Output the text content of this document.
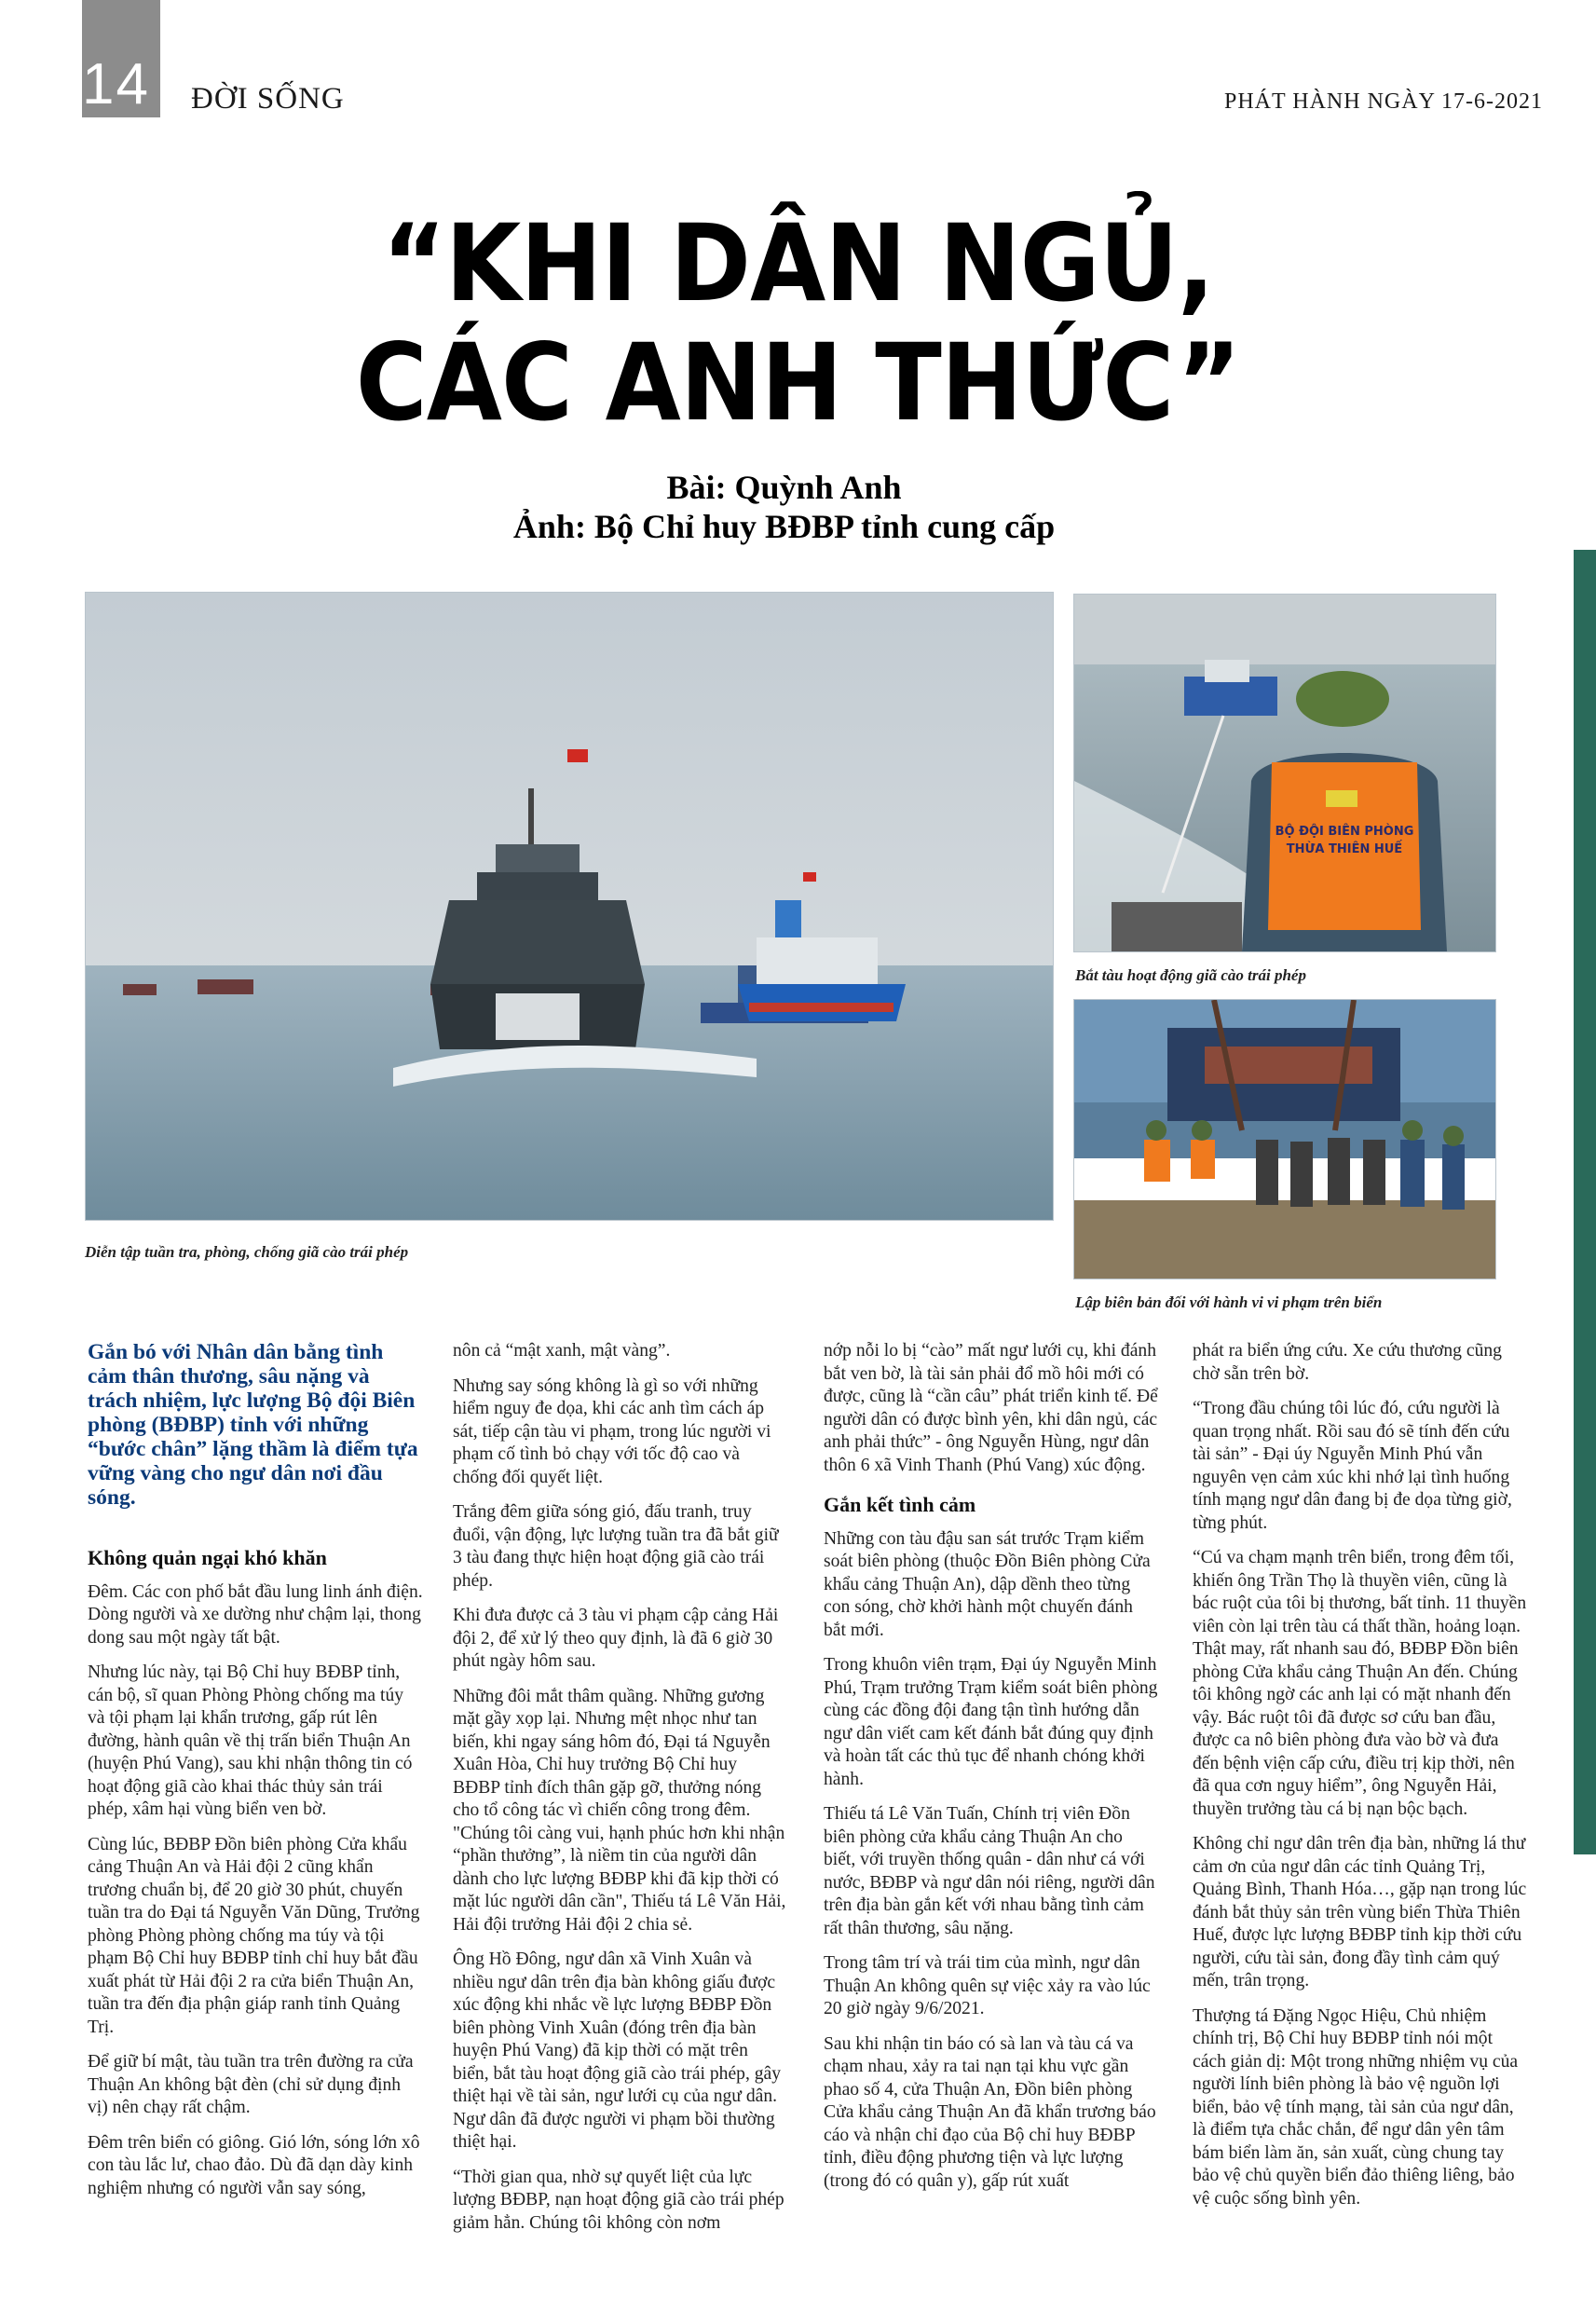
14 ĐỜI SỐNG	PHÁT HÀNH NGÀY 17-6-2021
“KHI DÂN NGỦ,
CÁC ANH THỨC”
Bài: Quỳnh Anh
Ảnh: Bộ Chỉ huy BĐBP tỉnh cung cấp
Diễn tập tuần tra, phòng, chống giã cào trái phép
BỘ ĐỘI BIÊN PHÒNG
THỪA THIÊN HUẾ
Bắt tàu hoạt động giã cào trái phép
Lập biên bản đối với hành vi vi phạm trên biển

Gắn bó với Nhân dân bằng tình cảm thân thương, sâu nặng và trách nhiệm, lực lượng Bộ đội Biên phòng (BĐBP) tỉnh với những “bước chân” lặng thầm là điểm tựa vững vàng cho ngư dân nơi đầu sóng.

Không quản ngại khó khăn

Đêm. Các con phố bắt đầu lung linh ánh điện. Dòng người và xe dường như chậm lại, thong dong sau một ngày tất bật.

Nhưng lúc này, tại Bộ Chỉ huy BĐBP tỉnh, cán bộ, sĩ quan Phòng Phòng chống ma túy và tội phạm lại khẩn trương, gấp rút lên đường, hành quân về thị trấn biển Thuận An (huyện Phú Vang), sau khi nhận thông tin có hoạt động giã cào khai thác thủy sản trái phép, xâm hại vùng biển ven bờ.

Cùng lúc, BĐBP Đồn biên phòng Cửa khẩu cảng Thuận An và Hải đội 2 cũng khẩn trương chuẩn bị, để 20 giờ 30 phút, chuyến tuần tra do Đại tá Nguyễn Văn Dũng, Trưởng phòng Phòng phòng chống ma túy và tội phạm Bộ Chỉ huy BĐBP tỉnh chỉ huy bắt đầu xuất phát từ Hải đội 2 ra cửa biển Thuận An, tuần tra đến địa phận giáp ranh tỉnh Quảng Trị.

Để giữ bí mật, tàu tuần tra trên đường ra cửa Thuận An không bật đèn (chỉ sử dụng định vị) nên chạy rất chậm.

Đêm trên biển có giông. Gió lớn, sóng lớn xô con tàu lắc lư, chao đảo. Dù đã dạn dày kinh nghiệm nhưng có người vẫn say sóng,

nôn cả “mật xanh, mật vàng”.

Nhưng say sóng không là gì so với những hiểm nguy đe dọa, khi các anh tìm cách áp sát, tiếp cận tàu vi phạm, trong lúc người vi phạm cố tình bỏ chạy với tốc độ cao và chống đối quyết liệt.

Trắng đêm giữa sóng gió, đấu tranh, truy đuổi, vận động, lực lượng tuần tra đã bắt giữ 3 tàu đang thực hiện hoạt động giã cào trái phép.

Khi đưa được cả 3 tàu vi phạm cập cảng Hải đội 2, để xử lý theo quy định, là đã 6 giờ 30 phút ngày hôm sau.

Những đôi mắt thâm quầng. Những gương mặt gầy xọp lại. Nhưng mệt nhọc như tan biến, khi ngay sáng hôm đó, Đại tá Nguyễn Xuân Hòa, Chỉ huy trưởng Bộ Chỉ huy BĐBP tỉnh đích thân gặp gỡ, thưởng nóng cho tổ công tác vì chiến công trong đêm. "Chúng tôi càng vui, hạnh phúc hơn khi nhận “phần thưởng”, là niềm tin của người dân dành cho lực lượng BĐBP khi đã kịp thời có mặt lúc người dân cần", Thiếu tá Lê Văn Hải, Hải đội trưởng Hải đội 2 chia sẻ.

Ông Hồ Đông, ngư dân xã Vinh Xuân và nhiều ngư dân trên địa bàn không giấu được xúc động khi nhắc về lực lượng BĐBP Đồn biên phòng Vinh Xuân (đóng trên địa bàn huyện Phú Vang) đã kịp thời có mặt trên biển, bắt tàu hoạt động giã cào trái phép, gây thiệt hại về tài sản, ngư lưới cụ của ngư dân. Ngư dân đã được người vi phạm bồi thường thiệt hại.

“Thời gian qua, nhờ sự quyết liệt của lực lượng BĐBP, nạn hoạt động giã cào trái phép giảm hẳn. Chúng tôi không còn nơm

nớp nỗi lo bị “cào” mất ngư lưới cụ, khi đánh bắt ven bờ, là tài sản phải đổ mồ hôi mới có được, cũng là “cần câu” phát triển kinh tế. Để người dân có được bình yên, khi dân ngủ, các anh phải thức” - ông Nguyễn Hùng, ngư dân thôn 6 xã Vinh Thanh (Phú Vang) xúc động.

Gắn kết tình cảm

Những con tàu đậu san sát trước Trạm kiểm soát biên phòng (thuộc Đồn Biên phòng Cửa khẩu cảng Thuận An), dập dềnh theo từng con sóng, chờ khởi hành một chuyến đánh bắt mới.

Trong khuôn viên trạm, Đại úy Nguyễn Minh Phú, Trạm trưởng Trạm kiểm soát biên phòng cùng các đồng đội đang tận tình hướng dẫn ngư dân viết cam kết đánh bắt đúng quy định và hoàn tất các thủ tục để nhanh chóng khởi hành.

Thiếu tá Lê Văn Tuấn, Chính trị viên Đồn biên phòng cửa khẩu cảng Thuận An cho biết, với truyền thống quân - dân như cá với nước, BĐBP và ngư dân nói riêng, người dân trên địa bàn gắn kết với nhau bằng tình cảm rất thân thương, sâu nặng.

Trong tâm trí và trái tim của mình, ngư dân Thuận An không quên sự việc xảy ra vào lúc 20 giờ ngày 9/6/2021.

Sau khi nhận tin báo có sà lan và tàu cá va chạm nhau, xảy ra tai nạn tại khu vực gần phao số 4, cửa Thuận An, Đồn biên phòng Cửa khẩu cảng Thuận An đã khẩn trương báo cáo và nhận chỉ đạo của Bộ chỉ huy BĐBP tỉnh, điều động phương tiện và lực lượng (trong đó có quân y), gấp rút xuất

phát ra biển ứng cứu. Xe cứu thương cũng chờ sẵn trên bờ.

“Trong đầu chúng tôi lúc đó, cứu người là quan trọng nhất. Rồi sau đó sẽ tính đến cứu tài sản” - Đại úy Nguyễn Minh Phú vẫn nguyên vẹn cảm xúc khi nhớ lại tình huống tính mạng ngư dân đang bị đe dọa từng giờ, từng phút.

“Cú va chạm mạnh trên biển, trong đêm tối, khiến ông Trần Thọ là thuyền viên, cũng là bác ruột của tôi bị thương, bất tỉnh. 11 thuyền viên còn lại trên tàu cá thất thần, hoảng loạn. Thật may, rất nhanh sau đó, BĐBP Đồn biên phòng Cửa khẩu cảng Thuận An đến. Chúng tôi không ngờ các anh lại có mặt nhanh đến vậy. Bác ruột tôi đã được sơ cứu ban đầu, được ca nô biên phòng đưa vào bờ và đưa đến bệnh viện cấp cứu, điều trị kịp thời, nên đã qua cơn nguy hiểm”, ông Nguyễn Hải, thuyền trưởng tàu cá bị nạn bộc bạch.

Không chỉ ngư dân trên địa bàn, những lá thư cảm ơn của ngư dân các tỉnh Quảng Trị, Quảng Bình, Thanh Hóa…, gặp nạn trong lúc đánh bắt thủy sản trên vùng biển Thừa Thiên Huế, được lực lượng BĐBP tỉnh kịp thời cứu người, cứu tài sản, đong đầy tình cảm quý mến, trân trọng.

Thượng tá Đặng Ngọc Hiệu, Chủ nhiệm chính trị, Bộ Chỉ huy BĐBP tỉnh nói một cách giản dị: Một trong những nhiệm vụ của người lính biên phòng là bảo vệ nguồn lợi biển, bảo vệ tính mạng, tài sản của ngư dân, là điểm tựa chắc chắn, để ngư dân yên tâm bám biển làm ăn, sản xuất, cùng chung tay bảo vệ chủ quyền biển đảo thiêng liêng, bảo vệ cuộc sống bình yên.
